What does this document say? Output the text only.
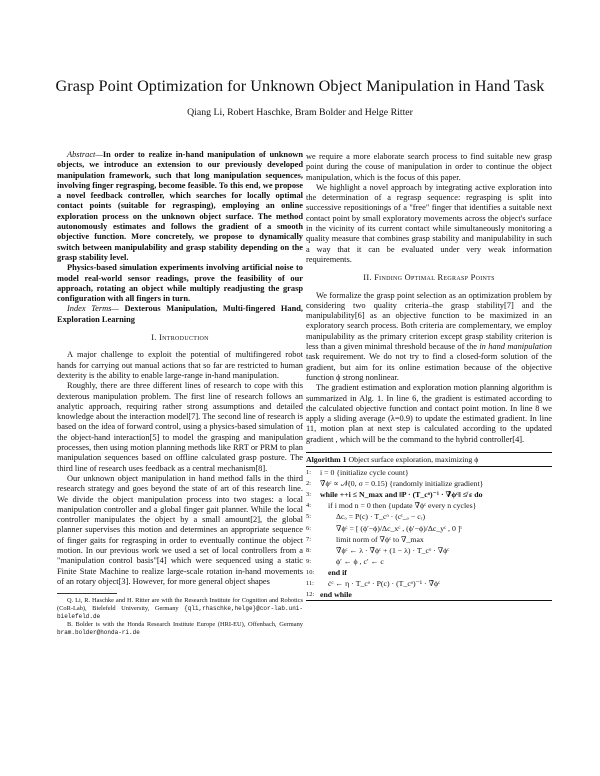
Grasp Point Optimization for Unknown Object Manipulation in Hand Task
Qiang Li, Robert Haschke, Bram Bolder and Helge Ritter

Abstract—In order to realize in-hand manipulation of unknown objects, we introduce an extension to our previously developed manipulation framework, such that long manipulation sequences, involving finger regrasping, become feasible. To this end, we propose a novel feedback controller, which searches for locally optimal contact points (suitable for regrasping), employing an online exploration process on the unknown object surface. The method autonomously estimates and follows the gradient of a smooth objective function. More concretely, we propose to dynamically switch between manipulability and grasp stability depending on the grasp stability level.

Physics-based simulation experiments involving artificial noise to model real-world sensor readings, prove the feasibility of our approach, rotating an object while multiply readjusting the grasp configuration with all fingers in turn.

Index Terms— Dexterous Manipulation, Multi-fingered Hand, Exploration Learning

I. Introduction

A major challenge to exploit the potential of multifingered robot hands for carrying out manual actions that so far are restricted to human dexterity is the ability to enable large-range in-hand manipulation.

Roughly, there are three different lines of research to cope with this dexterous manipulation problem. The first line of research follows an analytic approach, requiring rather strong assumptions and detailed knowledge about the interaction model[7]. The second line of research is based on the idea of forward control, using a physics-based simulation of the object-hand interaction[5] to model the grasping and manipulation processes, then using motion planning methods like RRT or PRM to plan manipulation sequences based on offline calculated grasp posture. The third line of research uses feedback as a central mechanism[8].

Our unknown object manipulation in hand method falls in the third research strategy and goes beyond the state of art of this research line. We divide the object manipulation process into two stages: a local manipulation controller and a global finger gait planner. While the local controller manipulates the object by a small amount[2], the global planner supervises this motion and determines an appropriate sequence of finger gaits for regrasping in order to eventually continue the object motion. In our previous work we used a set of local controllers from a "manipulation control basis"[4] which were sequenced using a static Finite State Machine to realize large-scale rotation in-hand movements of an rotary object[3]. However, for more general object shapes

Q. Li, R. Haschke and H. Ritter are with the Research Institute for Cognition and Robotics (CoR-Lab), Bielefeld University, Germany {qli,rhaschke,helge}@cor-lab.uni-bielefeld.de

B. Bolder is with the Honda Research Institute Europe (HRI-EU), Offenbach, Germany bram.bolder@honda-ri.de

we require a more elaborate search process to find suitable new grasp point during the couse of manipulation in order to continue the object manipulation, which is the focus of this paper.

We highlight a novel approach by integrating active exploration into the determination of a regrasp sequence: regrasping is split into successive repositionings of a "free" finger that identifies a suitable next contact point by small exploratory movements across the object's surface in the vicinity of its current contact while simultaneously monitoring a quality measure that combines grasp stability and manipulability in such a way that it can be evaluated under very weak information requirements.

II. Finding Optimal Regrasp Points

We formalize the grasp point selection as an optimization problem by considering two quality criteria–the grasp stability[7] and the manipulability[6] as an objective function to be maximized in an exploratory search process. Both criteria are complementary, we employ manipulability as the primary criterion except grasp stability criterion is less than a given minimal threshold because of the in hand manipulation task requirement. We do not try to find a closed-form solution of the gradient, but aim for its online estimation because of the objective function ϕ strong nonlinear.

The gradient estimation and exploration motion planning algorithm is summarized in Alg. 1. In line 6, the gradient is estimated according to the calculated objective function and contact point motion. In line 8 we apply a sliding average (λ=0.9) to update the estimated gradient. In line 11, motion plan at next step is calculated according to the updated gradient , which will be the command to the hybrid controller[4].

Algorithm 1 Object surface exploration, maximizing ϕ
1:	i = 0 {initialize cycle count}
2:	∇̂ϕᶜ ∝ 𝒩(0, σ = 0.15) {randomly initialize gradient}
3:	while ++i ≤ N_max and ‖P · (T_cᵒ)⁻¹ · ∇̂ϕᶜ‖ ≰ ε do
4:	if i mod n = 0 then {update ∇̂ϕᶜ every n cycles}
5:	Δcₒ = P(c) · T_cᵒ · (cᵗ_ₒ − cᵣ)
6:	∇ϕᶜ = [ (ϕ′−ϕ)/Δc_xᶜ , (ϕ′−ϕ)/Δc_yᶜ , 0 ]ᵗ
7:	limit norm of ∇ϕᶜ to ∇_max
8:	∇̂ϕᶜ ← λ · ∇̂ϕᶜ + (1 − λ) · T_cᵒ · ∇ϕᶜ
9:	ϕ′ ← ϕ , c′ ← c
10:	end if
11:	ċᶜ ← η · T_cᵒ · P(c) · (T_cᵒ)⁻¹ · ∇̂ϕᶜ
12: end while
